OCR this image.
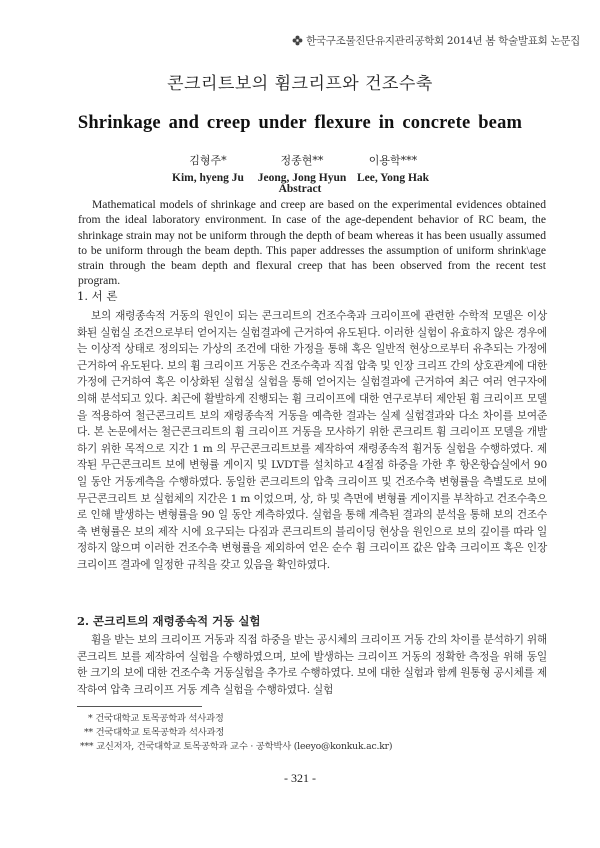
한국구조물진단유지관리공학회 2014년 봄 학술발표회 논문집
콘크리트보의 휨크리프와 건조수축
Shrinkage and creep under flexure in concrete beam
김형주*
Kim, hyeng Ju
정종현**
Jeong, Jong Hyun
이용학***
Lee, Yong Hak
Abstract

Mathematical models of shrinkage and creep are based on the experimental evidences obtained from the ideal laboratory environment. In case of the age-dependent behavior of RC beam, the shrinkage strain may not be uniform through the depth of beam whereas it has been usually assumed to be uniform through the beam depth. This paper addresses the assumption of uniform shrink\age strain through the beam depth and flexural creep that has been observed from the recent test program.

1. 서 론

보의 재령종속적 거동의 원인이 되는 콘크리트의 건조수축과 크리이프에 관련한 수학적 모델은 이상화된 실험실 조건으로부터 얻어지는 실험결과에 근거하여 유도된다. 이러한 실험이 유효하지 않은 경우에는 이상적 상태로 정의되는 가상의 조건에 대한 가정을 통해 혹은 일반적 현상으로부터 유추되는 가정에 근거하여 유도된다. 보의 휨 크리이프 거동은 건조수축과 직접 압축 및 인장 크리프 간의 상호관계에 대한 가정에 근거하여 혹은 이상화된 실험실 실험을 통해 얻어지는 실험결과에 근거하여 최근 여러 연구자에 의해 분석되고 있다. 최근에 활발하게 진행되는 휨 크리이프에 대한 연구로부터 제안된 휨 크리이프 모델을 적용하여 철근콘크리트 보의 재령종속적 거동을 예측한 결과는 실제 실험결과와 다소 차이를 보여준다. 본 논문에서는 철근콘크리트의 휨 크리이프 거동을 모사하기 위한 콘크리트 휨 크리이프 모델을 개발하기 위한 목적으로 지간 1 m 의 무근콘크리트보를 제작하여 재령종속적 휨거동 실험을 수행하였다. 제작된 무근콘크리트 보에 변형률 게이지 및 LVDT를 설치하고 4절점 하중을 가한 후 항온항습실에서 90일 동안 거동계측을 수행하였다. 동일한 콘크리트의 압축 크리이프 및 건조수축 변형률을 측별도로 보에 무근콘크리트 보 실험체의 지간은 1 m 이었으며, 상, 하 및 측면에 변형률 게이지를 부착하고 건조수축으로 인해 발생하는 변형률을 90 일 동안 계측하였다. 실험을 통해 계측된 결과의 분석을 통해 보의 건조수축 변형률은 보의 제작 시에 요구되는 다짐과 콘크리트의 블리이딩 현상을 원인으로 보의 깊이를 따라 일정하지 않으며 이러한 건조수축 변형률을 제외하여 얻은 순수 휨 크리이프 값은 압축 크리이프 혹은 인장 크리이프 결과에 일정한 규칙을 갖고 있음을 확인하였다.

2. 콘크리트의 재령종속적 거동 실험

휨을 받는 보의 크리이프 거동과 직접 하중을 받는 공시체의 크리이프 거동 간의 차이를 분석하기 위해 콘크리트 보를 제작하여 실험을 수행하였으며, 보에 발생하는 크리이프 거동의 정확한 측정을 위해 동일한 크기의 보에 대한 건조수축 거동실험을 추가로 수행하였다. 보에 대한 실험과 함께 원통형 공시체를 제작하여 압축 크리이프 거동 계측 실험을 수행하였다. 실험

* 건국대학교 토목공학과 석사과정
** 건국대학교 토목공학과 석사과정
*** 교신저자, 건국대학교 토목공학과 교수 · 공학박사 (leeyo@konkuk.ac.kr)
- 321 -
